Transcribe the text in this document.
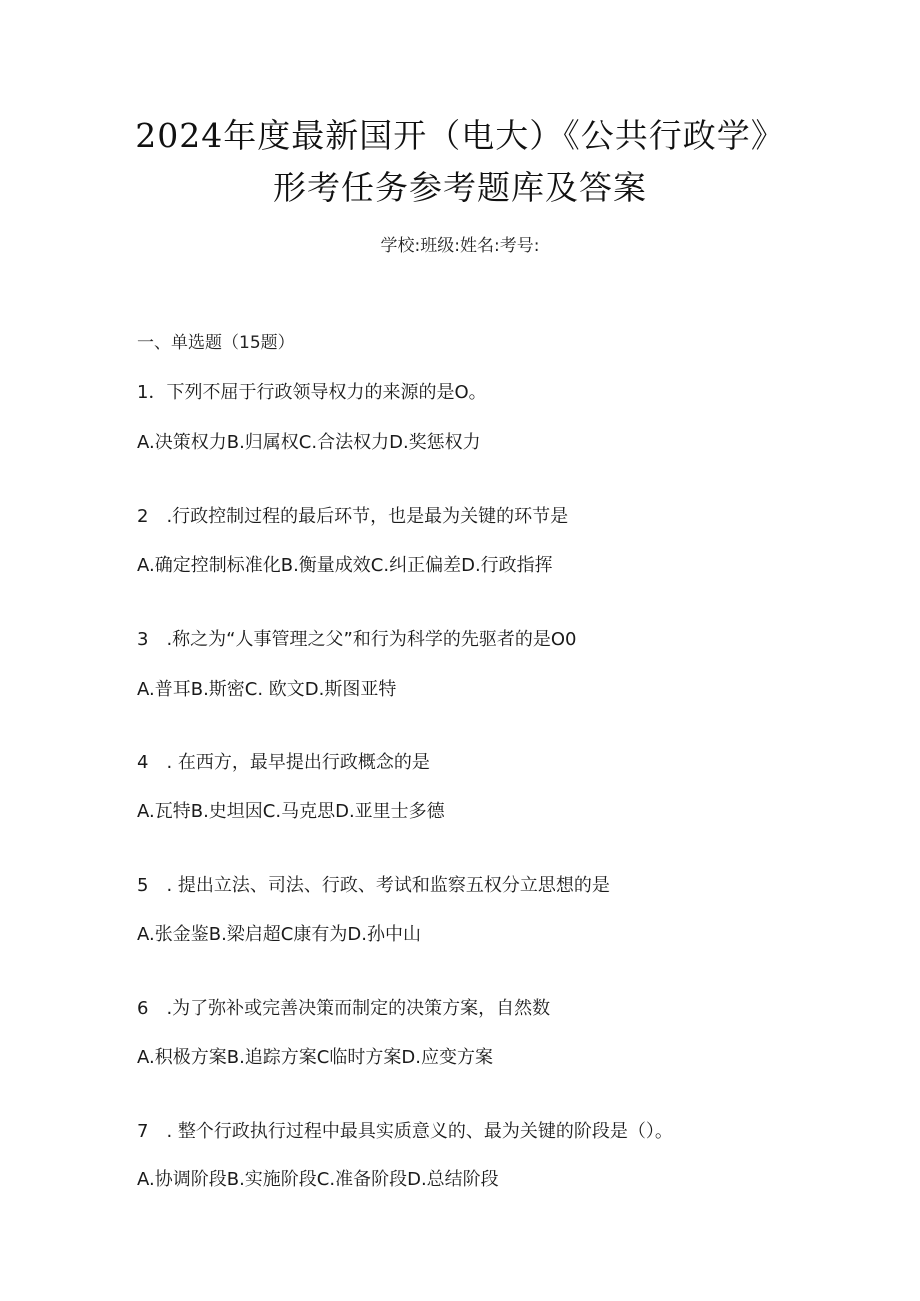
2024年度最新国开（电大）《公共行政学》
形考任务参考题库及答案
学校:班级:姓名:考号:
一、单选题（15题）
1．下列不屈于行政领导权力的来源的是O。
A.决策权力B.归属权C.合法权力D.奖惩权力
2　.行政控制过程的最后环节，也是最为关键的环节是
A.确定控制标准化B.衡量成效C.纠正偏差D.行政指挥
3　.称之为“人事管理之父”和行为科学的先驱者的是O0
A.普耳B.斯密C. 欧文D.斯图亚特
4　. 在西方，最早提出行政概念的是
A.瓦特B.史坦因C.马克思D.亚里士多德
5　. 提出立法、司法、行政、考试和监察五权分立思想的是
A.张金鉴B.梁启超C康有为D.孙中山
6　.为了弥补或完善决策而制定的决策方案，自然数
A.积极方案B.追踪方案C临时方案D.应变方案
7　. 整个行政执行过程中最具实质意义的、最为关键的阶段是（）。
A.协调阶段B.实施阶段C.准备阶段D.总结阶段
